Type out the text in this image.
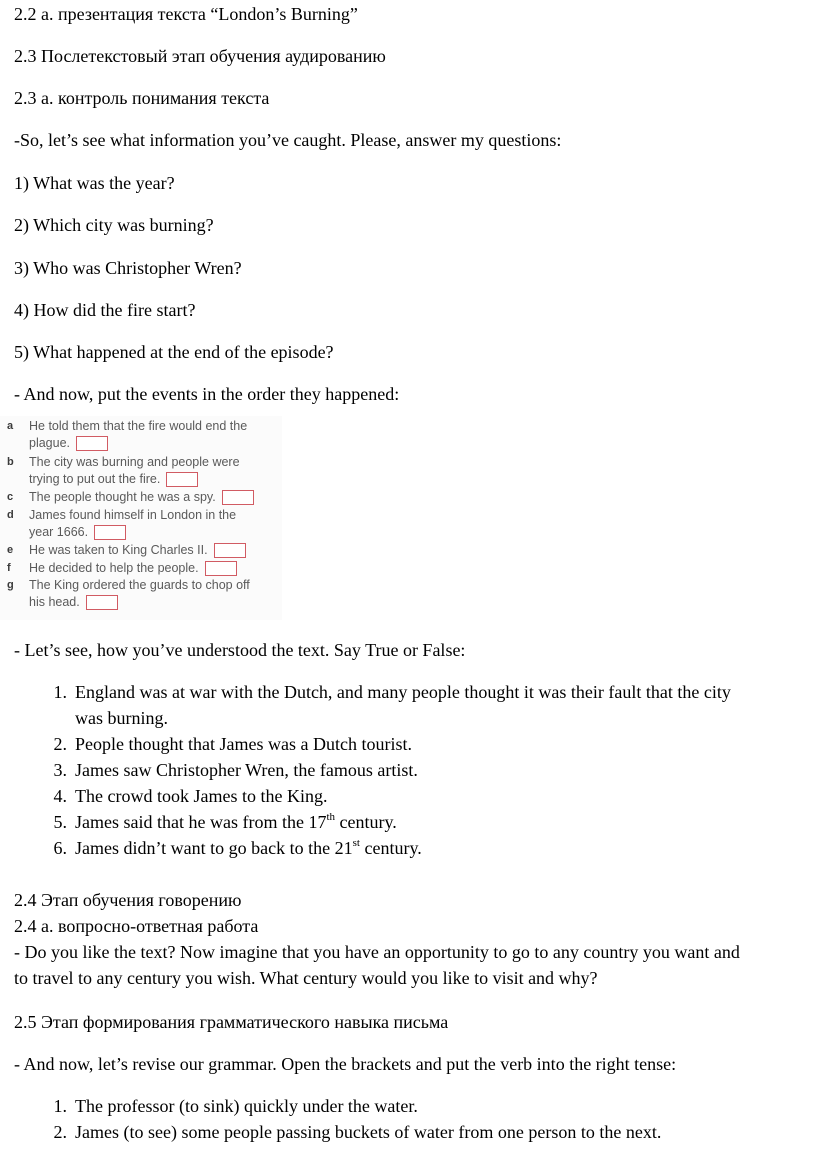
2.2 а. презентация текста “London’s Burning”
2.3 Послетекстовый этап обучения аудированию
2.3 а. контроль понимания текста
-So, let’s see what information you’ve caught. Please, answer my questions:
1) What was the year?
2) Which city was burning?
3) Who was Christopher Wren?
4) How did the fire start?
5) What happened at the end of the episode?
- And now, put the events in the order they happened:
a He told them that the fire would end the
plague.
b The city was burning and people were
trying to put out the fire.
c The people thought he was a spy.
d James found himself in London in the
year 1666.
e He was taken to King Charles II.
f He decided to help the people.
g The King ordered the guards to chop off
his head.
- Let’s see, how you’ve understood the text. Say True or False:
1. England was at war with the Dutch, and many people thought it was their fault that the city
was burning.
2. People thought that James was a Dutch tourist.
3. James saw Christopher Wren, the famous artist.
4. The crowd took James to the King.
5. James said that he was from the 17th century.
6. James didn’t want to go back to the 21st century.
2.4 Этап обучения говорению
2.4 а. вопросно-ответная работа
- Do you like the text? Now imagine that you have an opportunity to go to any country you want and
to travel to any century you wish. What century would you like to visit and why?
2.5 Этап формирования грамматического навыка письма
- And now, let’s revise our grammar. Open the brackets and put the verb into the right tense:
1. The professor (to sink) quickly under the water.
2. James (to see) some people passing buckets of water from one person to the next.
